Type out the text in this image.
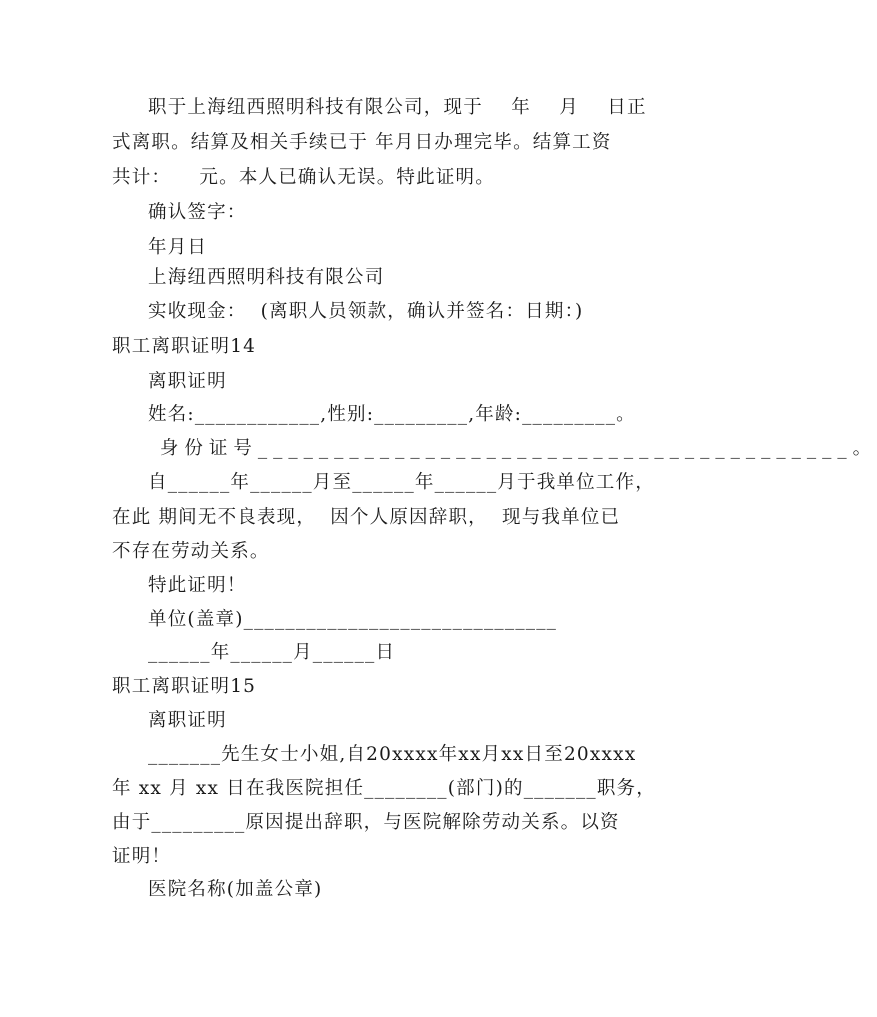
职于上海纽西照明科技有限公司，现于    年    月    日正
式离职。结算及相关手续已于 年月日办理完毕。结算工资
共计：    元。本人已确认无误。特此证明。
确认签字：
年月日
上海纽西照明科技有限公司
实收现金：  (离职人员领款，确认并签名：日期：)
职工离职证明14
离职证明
姓名:____________,性别:_________,年龄:_________。
身份证号_______________________________________。
自______年______月至______年______月于我单位工作，
在此 期间无不良表现，  因个人原因辞职，  现与我单位已
不存在劳动关系。
特此证明！
单位(盖章)______________________________
______年______月______日
职工离职证明15
离职证明
_______先生女士小姐,自20xxxx年xx月xx日至20xxxx
年 xx 月 xx 日在我医院担任________(部门)的_______职务，
由于_________原因提出辞职，与医院解除劳动关系。以资
证明！
医院名称(加盖公章)
